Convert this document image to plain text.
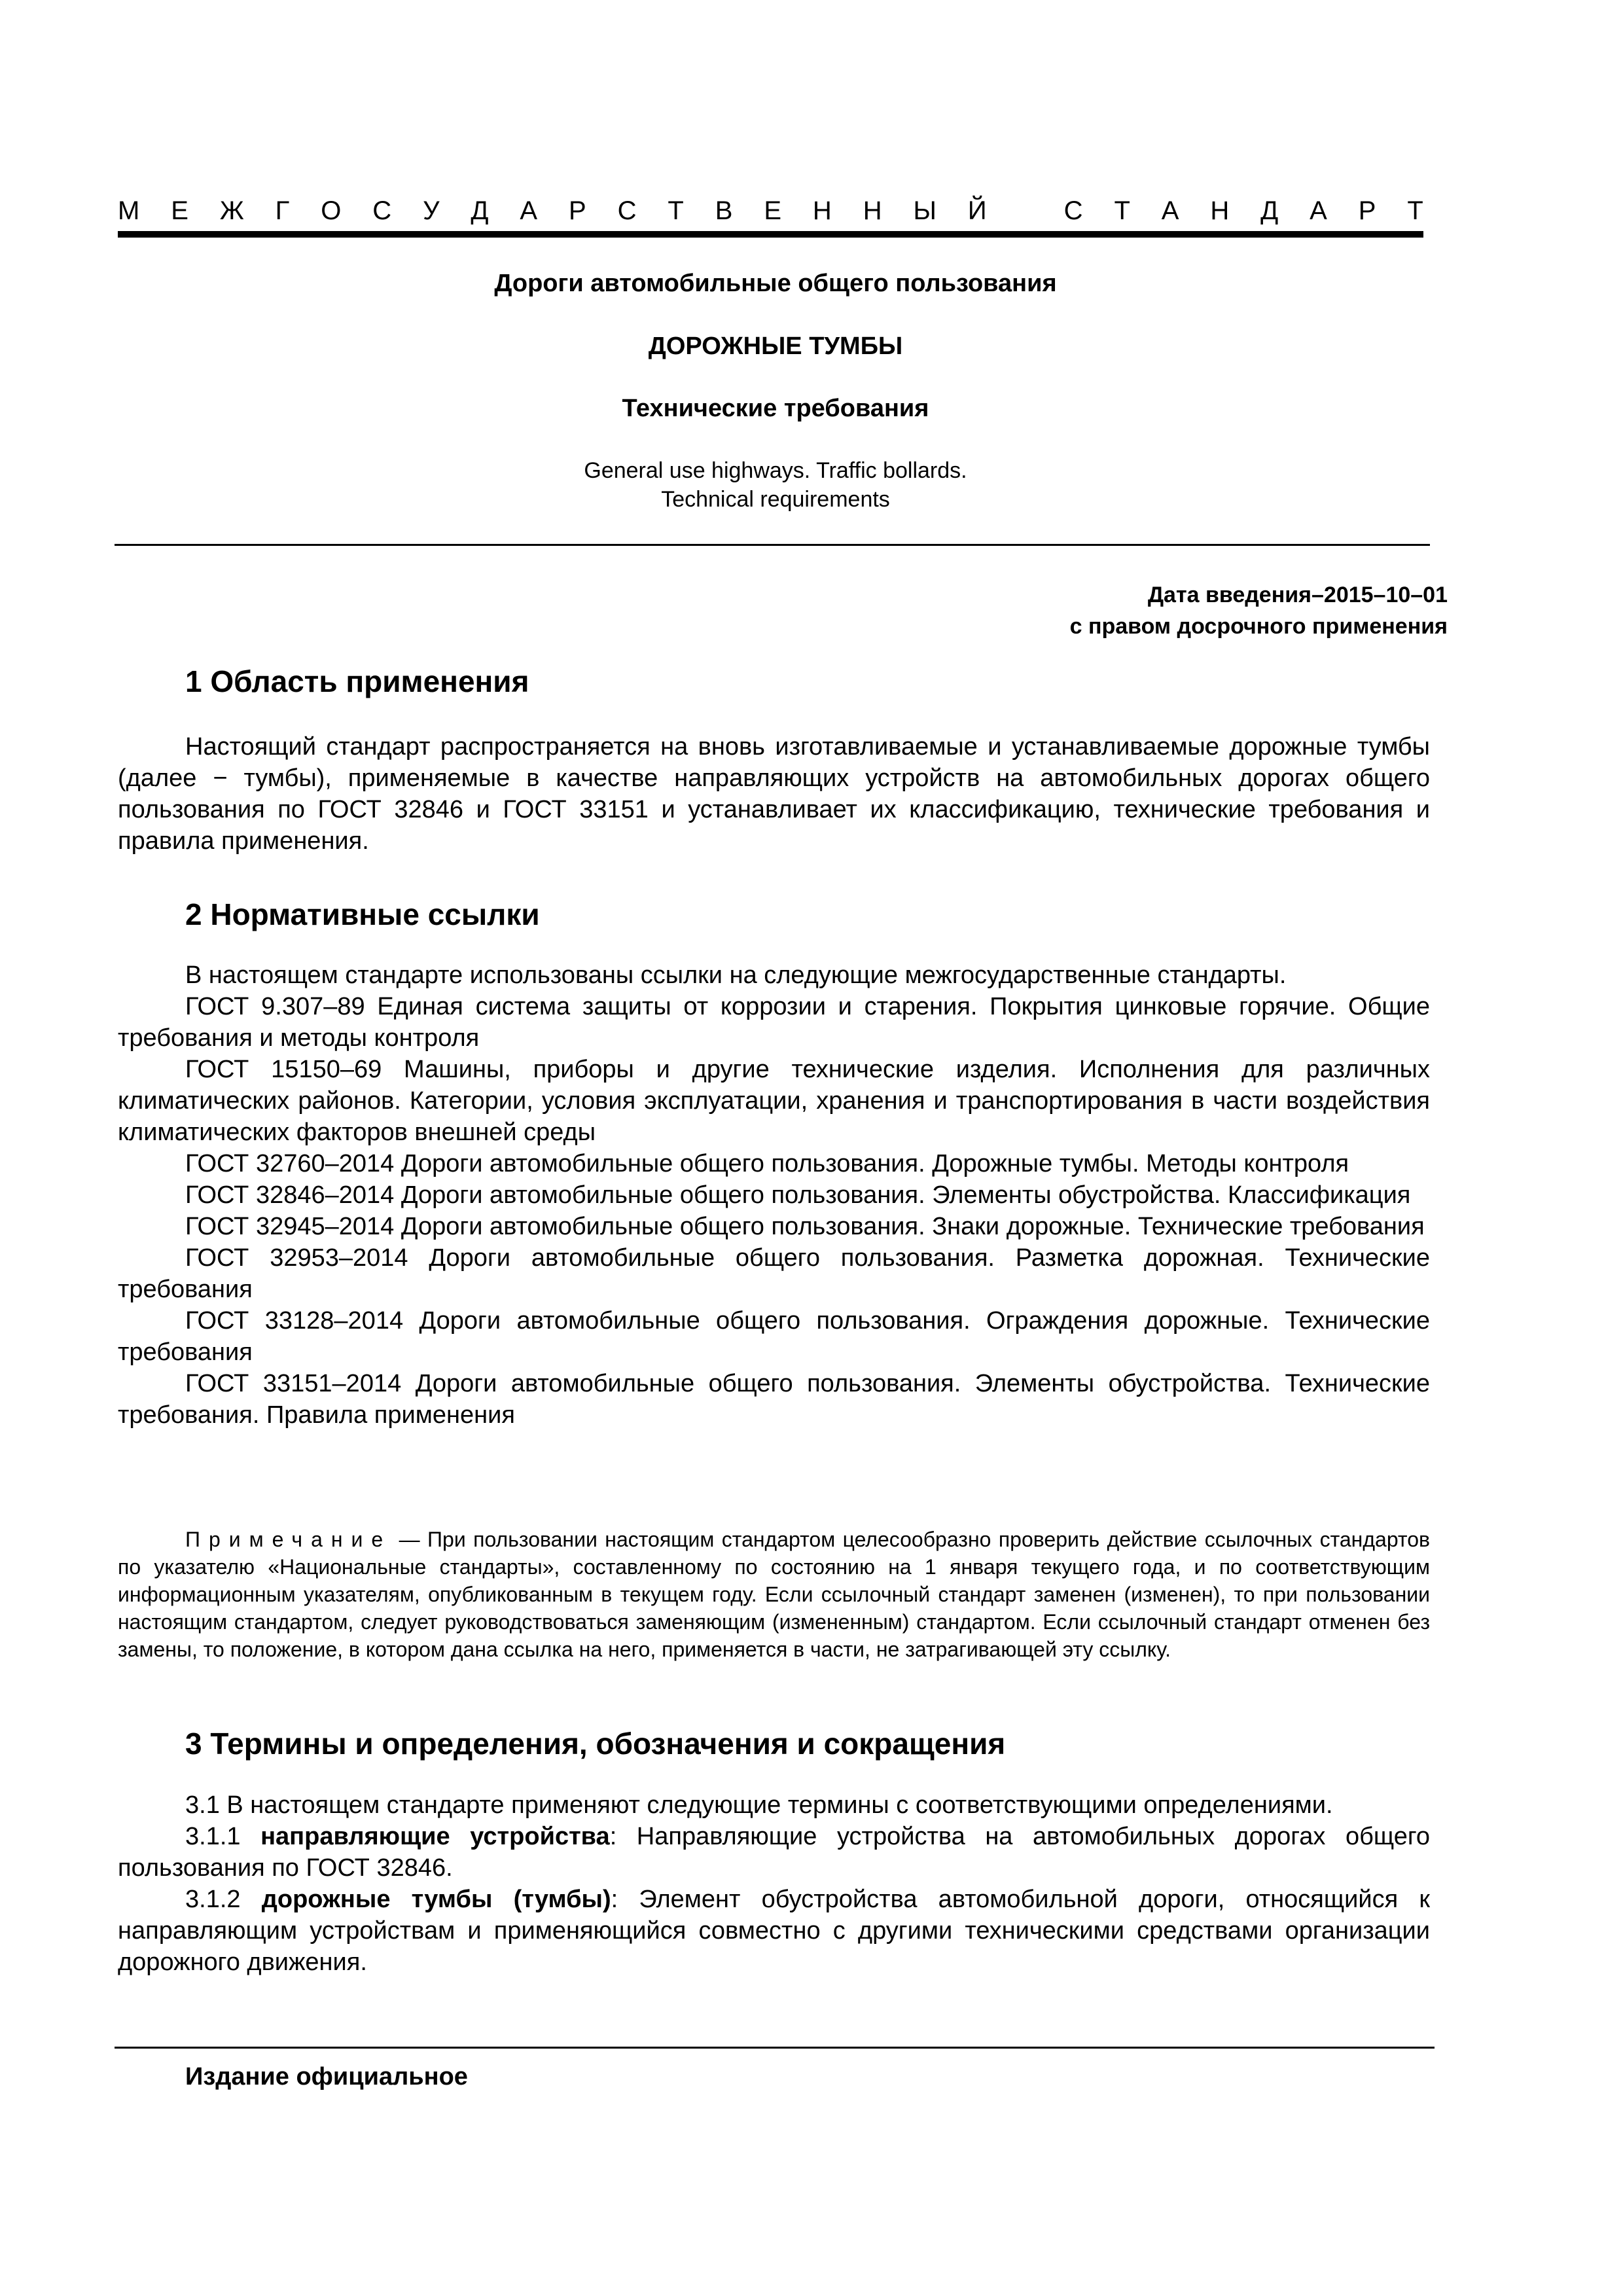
М Е Ж Г О С У Д А Р С Т В Е Н Н Ы Й
	С Т А Н Д А Р Т
Дороги автомобильные общего пользования
ДОРОЖНЫЕ ТУМБЫ
Технические требования
General use highways. Traffic bollards.
Technical requirements
Дата введения–2015–10–01
с правом досрочного применения
1 Область применения

Настоящий стандарт распространяется на вновь изготавливаемые и устанавливаемые дорожные тумбы (далее − тумбы), применяемые в качестве направляющих устройств на автомобильных дорогах общего пользования по ГОСТ 32846 и ГОСТ 33151 и устанавливает их классификацию, технические требования и правила применения.

2 Нормативные ссылки

В настоящем стандарте использованы ссылки на следующие межгосударственные стандарты.

ГОСТ 9.307–89 Единая система защиты от коррозии и старения. Покрытия цинковые горячие. Общие требования и методы контроля

ГОСТ 15150–69 Машины, приборы и другие технические изделия. Исполнения для различных климатических районов. Категории, условия эксплуатации, хранения и транспортирования в части воздействия климатических факторов внешней среды

ГОСТ 32760–2014 Дороги автомобильные общего пользования. Дорожные тумбы. Методы контроля

ГОСТ 32846–2014 Дороги автомобильные общего пользования. Элементы обустройства. Классификация

ГОСТ 32945–2014 Дороги автомобильные общего пользования. Знаки дорожные. Технические требования

ГОСТ 32953–2014 Дороги автомобильные общего пользования. Разметка дорожная. Технические требования

ГОСТ 33128–2014 Дороги автомобильные общего пользования. Ограждения дорожные. Технические требования

ГОСТ 33151–2014 Дороги автомобильные общего пользования. Элементы обустройства. Технические требования. Правила применения

Примечание — При пользовании настоящим стандартом целесообразно проверить действие ссылочных стандартов по указателю «Национальные стандарты», составленному по состоянию на 1 января текущего года, и по соответствующим информационным указателям, опубликованным в текущем году. Если ссылочный стандарт заменен (изменен), то при пользовании настоящим стандартом, следует руководствоваться заменяющим (измененным) стандартом. Если ссылочный стандарт отменен без замены, то положение, в котором дана ссылка на него, применяется в части, не затрагивающей эту ссылку.

3 Термины и определения, обозначения и сокращения

3.1 В настоящем стандарте применяют следующие термины с соответствующими определениями.

3.1.1 направляющие устройства: Направляющие устройства на автомобильных дорогах общего пользования по ГОСТ 32846.

3.1.2 дорожные тумбы (тумбы): Элемент обустройства автомобильной дороги, относящийся к направляющим устройствам и применяющийся совместно с другими техническими средствами организации дорожного движения.

Издание официальное
